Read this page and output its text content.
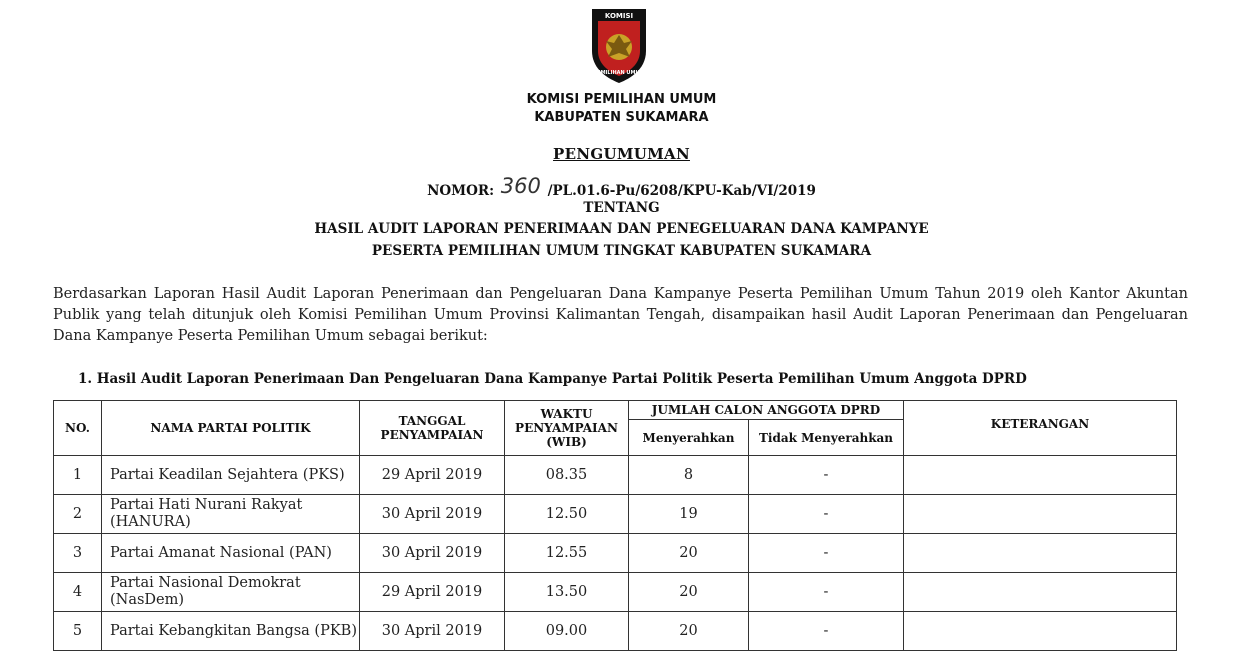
KOMISI
PEMILIHAN UMUM
KOMISI PEMILIHAN UMUM
KABUPATEN SUKAMARA
PENGUMUMAN
NOMOR: 360 /PL.01.6-Pu/6208/KPU-Kab/VI/2019
TENTANG
HASIL AUDIT LAPORAN PENERIMAAN DAN PENEGELUARAN DANA KAMPANYE
PESERTA PEMILIHAN UMUM TINGKAT KABUPATEN SUKAMARA
Berdasarkan Laporan Hasil Audit Laporan Penerimaan dan Pengeluaran Dana Kampanye Peserta Pemilihan Umum Tahun 2019 oleh Kantor Akuntan Publik yang telah ditunjuk oleh Komisi Pemilihan Umum Provinsi Kalimantan Tengah, disampaikan hasil Audit Laporan Penerimaan dan Pengeluaran Dana Kampanye Peserta Pemilihan Umum sebagai berikut:
1. Hasil Audit Laporan Penerimaan Dan Pengeluaran Dana Kampanye Partai Politik Peserta Pemilihan Umum Anggota DPRD
NO.	NAMA PARTAI POLITIK	TANGGAL PENYAMPAIAN	WAKTU PENYAMPAIAN (WIB)	JUMLAH CALON ANGGOTA DPRD		KETERANGAN
				Menyerahkan	Tidak Menyerahkan	
1	Partai Keadilan Sejahtera (PKS)	29 April 2019	08.35	8	-	
2	Partai Hati Nurani Rakyat (HANURA)	30 April 2019	12.50	19	-	
3	Partai Amanat Nasional (PAN)	30 April 2019	12.55	20	-	
4	Partai Nasional Demokrat (NasDem)	29 April 2019	13.50	20	-	
5	Partai Kebangkitan Bangsa (PKB)	30 April 2019	09.00	20	-	
